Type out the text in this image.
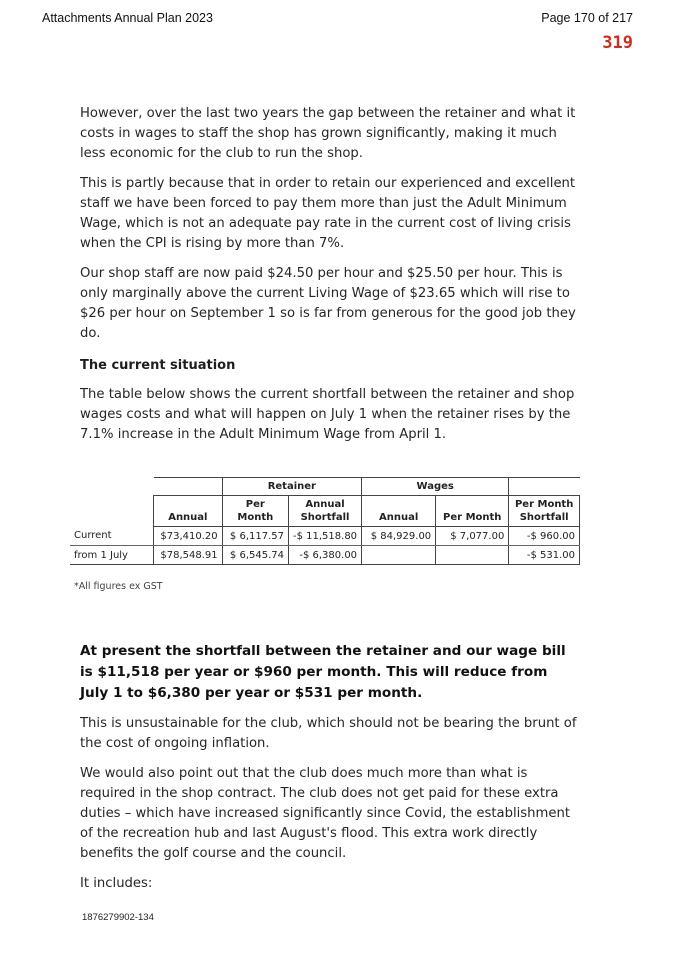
Attachments Annual Plan 2023	Page 170 of 217
319

However, over the last two years the gap between the retainer and what it costs in wages to staff the shop has grown significantly, making it much less economic for the club to run the shop.

This is partly because that in order to retain our experienced and excellent staff we have been forced to pay them more than just the Adult Minimum Wage, which is not an adequate pay rate in the current cost of living crisis when the CPI is rising by more than 7%.

Our shop staff are now paid $24.50 per hour and $25.50 per hour. This is only marginally above the current Living Wage of $23.65 which will rise to $26 per hour on September 1 so is far from generous for the good job they do.

The current situation

The table below shows the current shortfall between the retainer and shop wages costs and what will happen on July 1 when the retainer rises by the 7.1% increase in the Adult Minimum Wage from April 1.

		Retainer		Wages		
	Annual	Per Month	Annual Shortfall	Annual	Per Month	Per Month Shortfall
Current	$73,410.20	$ 6,117.57	-$ 11,518.80	$ 84,929.00	$ 7,077.00	-$ 960.00
from 1 July	$78,548.91	$ 6,545.74	-$ 6,380.00			-$ 531.00
*All figures ex GST						

At present the shortfall between the retainer and our wage bill is $11,518 per year or $960 per month. This will reduce from July 1 to $6,380 per year or $531 per month.

This is unsustainable for the club, which should not be bearing the brunt of the cost of ongoing inflation.

We would also point out that the club does much more than what is required in the shop contract. The club does not get paid for these extra duties – which have increased significantly since Covid, the establishment of the recreation hub and last August's flood. This extra work directly benefits the golf course and the council.

It includes:

1876279902-134
